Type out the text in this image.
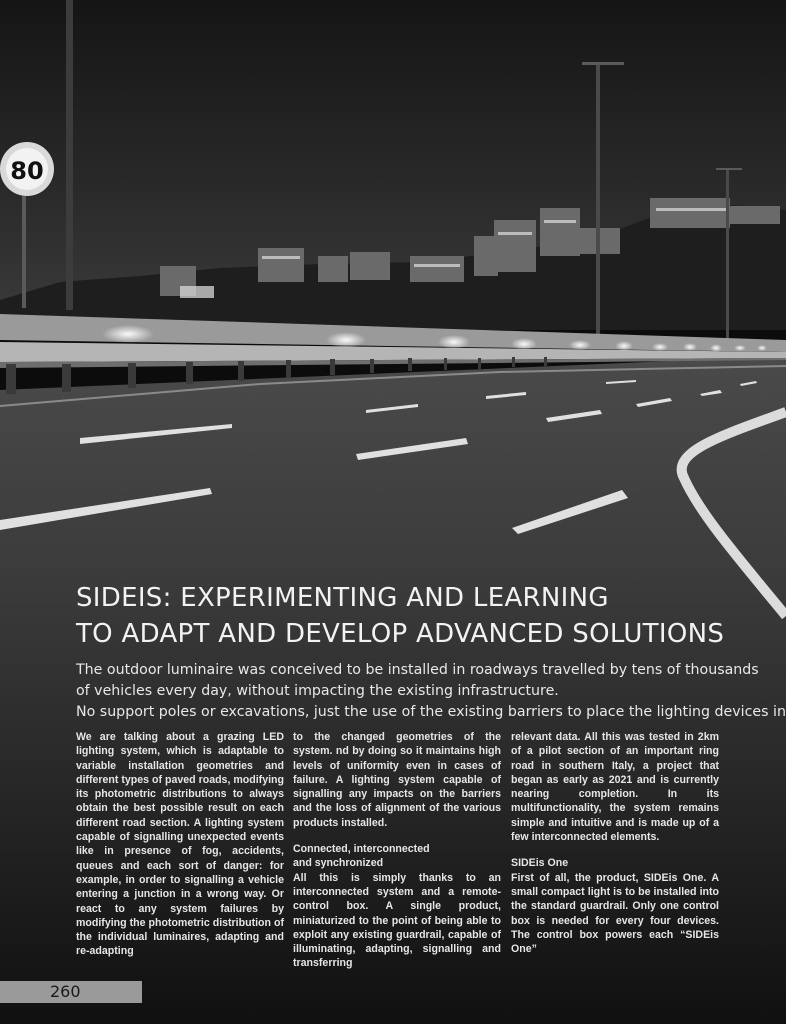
80
SIDEIS: EXPERIMENTING AND LEARNING
TO ADAPT AND DEVELOP ADVANCED SOLUTIONS

The outdoor luminaire was conceived to be installed in roadways travelled by tens of thousands
of vehicles every day, without impacting the existing infrastructure.
No support poles or excavations, just the use of the existing barriers to place the lighting devices in

We are talking about a grazing LED lighting system, which is adaptable to variable installation geometries and different types of paved roads, modifying its photometric distributions to always obtain the best possible result on each different road section. A lighting system capable of signalling unexpected events like in presence of fog, accidents, queues and each sort of danger: for example, in order to signalling a vehicle entering a junction in a wrong way. Or react to any system failures by modifying the photometric distribution of the individual luminaires, adapting and re-adapting

to the changed geometries of the system. nd by doing so it maintains high levels of uniformity even in cases of failure. A lighting system capable of signalling any impacts on the barriers and the loss of alignment of the various products installed.

Connected, interconnected
and synchronized

All this is simply thanks to an interconnected system and a remote-control box. A single product, miniaturized to the point of being able to exploit any existing guardrail, capable of illuminating, adapting, signalling and transferring

relevant data. All this was tested in 2km of a pilot section of an important ring road in southern Italy, a project that began as early as 2021 and is currently nearing completion. In its multifunctionality, the system remains simple and intuitive and is made up of a few interconnected elements.

SIDEis One

First of all, the product, SIDEis One. A small compact light is to be installed into the standard guardrail. Only one control box is needed for every four devices. The control box powers each “SIDEis One”

260
